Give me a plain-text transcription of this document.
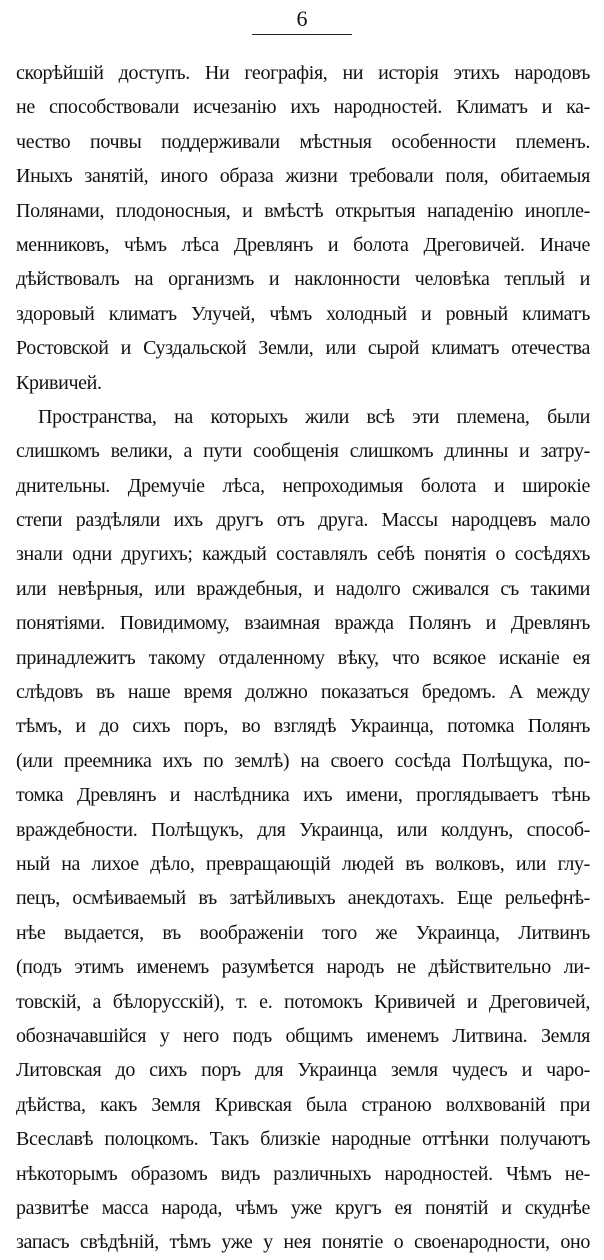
6
скорѣйшiй доступъ. Ни географiя, ни исторiя этихъ народовъ
не способствовали исчезанiю ихъ народностей. Климатъ и ка-
чество почвы поддерживали мѣстныя особенности племенъ.
Иныхъ занятiй, иного образа жизни требовали поля, обитаемыя
Полянами, плодоносныя, и вмѣстѣ открытыя нападенiю инопле-
менниковъ, чѣмъ лѣса Древлянъ и болота Дреговичей. Иначе
дѣйствовалъ на организмъ и наклонности человѣка теплый и
здоровый климатъ Улучей, чѣмъ холодный и ровный климатъ
Ростовской и Суздальской Земли, или сырой климатъ отечества
Кривичей.
Пространства, на которыхъ жили всѣ эти племена, были
слишкомъ велики, а пути сообщенiя слишкомъ длинны и затру-
днительны. Дремучiе лѣса, непроходимыя болота и широкiе
степи раздѣляли ихъ другъ отъ друга. Массы народцевъ мало
знали одни другихъ; каждый составлялъ себѣ понятiя о сосѣдяхъ
или невѣрныя, или враждебныя, и надолго сживался съ такими
понятiями. Повидимому, взаимная вражда Полянъ и Древлянъ
принадлежитъ такому отдаленному вѣку, что всякое исканiе ея
слѣдовъ въ наше время должно показаться бредомъ. А между
тѣмъ, и до сихъ поръ, во взглядѣ Украинца, потомка Полянъ
(или преемника ихъ по землѣ) на своего сосѣда Полѣщука, по-
томка Древлянъ и наслѣдника ихъ имени, проглядываетъ тѣнь
враждебности. Полѣщукъ, для Украинца, или колдунъ, способ-
ный на лихое дѣло, превращающiй людей въ волковъ, или глу-
пецъ, осмѣиваемый въ затѣйливыхъ анекдотахъ. Еще рельефнѣ-
нѣе выдается, въ воображенiи того же Украинца, Литвинъ
(подъ этимъ именемъ разумѣется народъ не дѣйствительно ли-
товскiй, а бѣлорусскiй), т. е. потомокъ Кривичей и Дреговичей,
обозначавшiйся у него подъ общимъ именемъ Литвина. Земля
Литовская до сихъ поръ для Украинца земля чудесъ и чаро-
дѣйства, какъ Земля Кривская была страною волхвованiй при
Всеславѣ полоцкомъ. Такъ близкiе народные оттѣнки получаютъ
нѣкоторымъ образомъ видъ различныхъ народностей. Чѣмъ не-
развитѣе масса народа, чѣмъ уже кругъ ея понятiй и скуднѣе
запасъ свѣдѣнiй, тѣмъ уже у нея понятiе о своенародности, оно
